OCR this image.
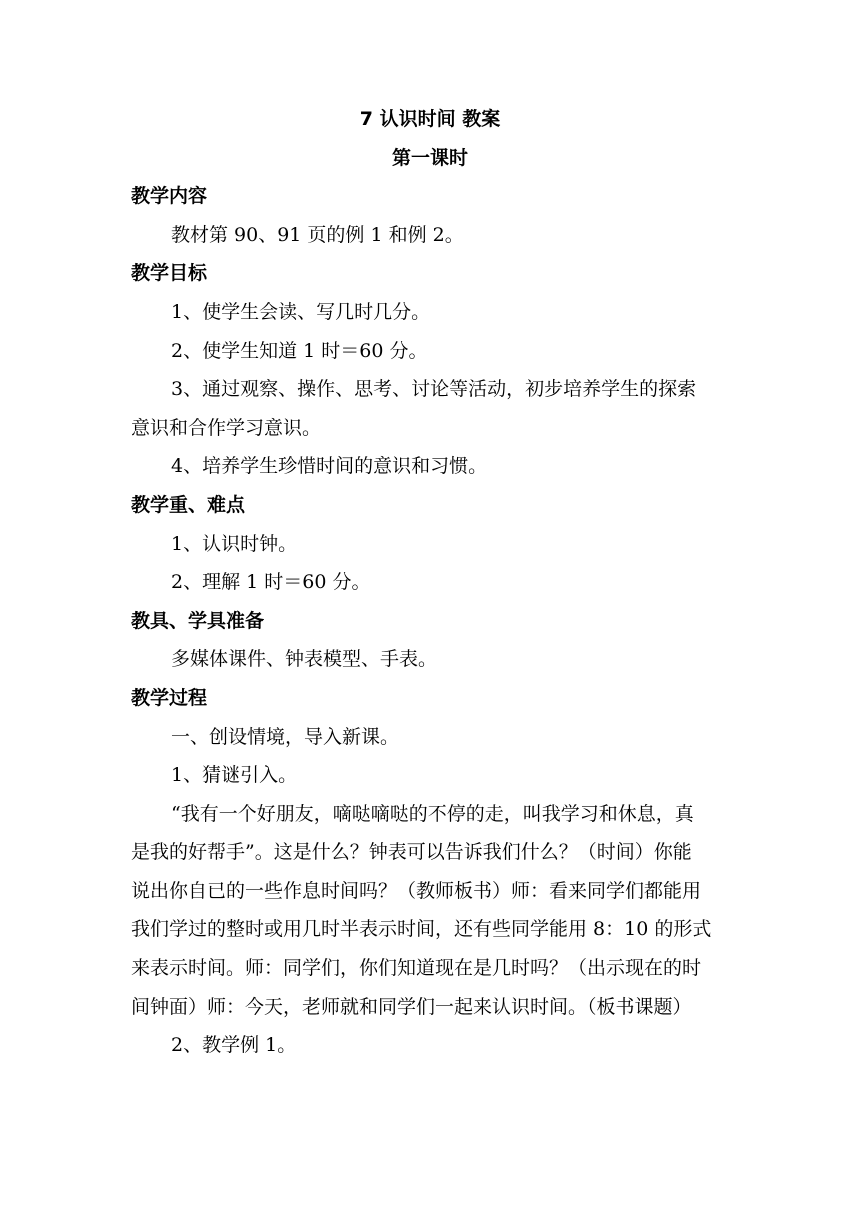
7 认识时间 教案
第一课时
教学内容
教材第 90、91 页的例 1 和例 2。
教学目标
1、使学生会读、写几时几分。
2、使学生知道 1 时＝60 分。
3、通过观察、操作、思考、讨论等活动，初步培养学生的探索
意识和合作学习意识。
4、培养学生珍惜时间的意识和习惯。
教学重、难点
1、认识时钟。
2、理解 1 时＝60 分。
教具、学具准备
多媒体课件、钟表模型、手表。
教学过程
一、创设情境，导入新课。
1、猜谜引入。
“我有一个好朋友，嘀哒嘀哒的不停的走，叫我学习和休息，真
是我的好帮手”。这是什么？钟表可以告诉我们什么？（时间）你能
说出你自已的一些作息时间吗？（教师板书）师：看来同学们都能用
我们学过的整时或用几时半表示时间，还有些同学能用 8：10 的形式
来表示时间。师：同学们，你们知道现在是几时吗？（出示现在的时
间钟面）师：今天，老师就和同学们一起来认识时间。（板书课题）
2、教学例 1。
